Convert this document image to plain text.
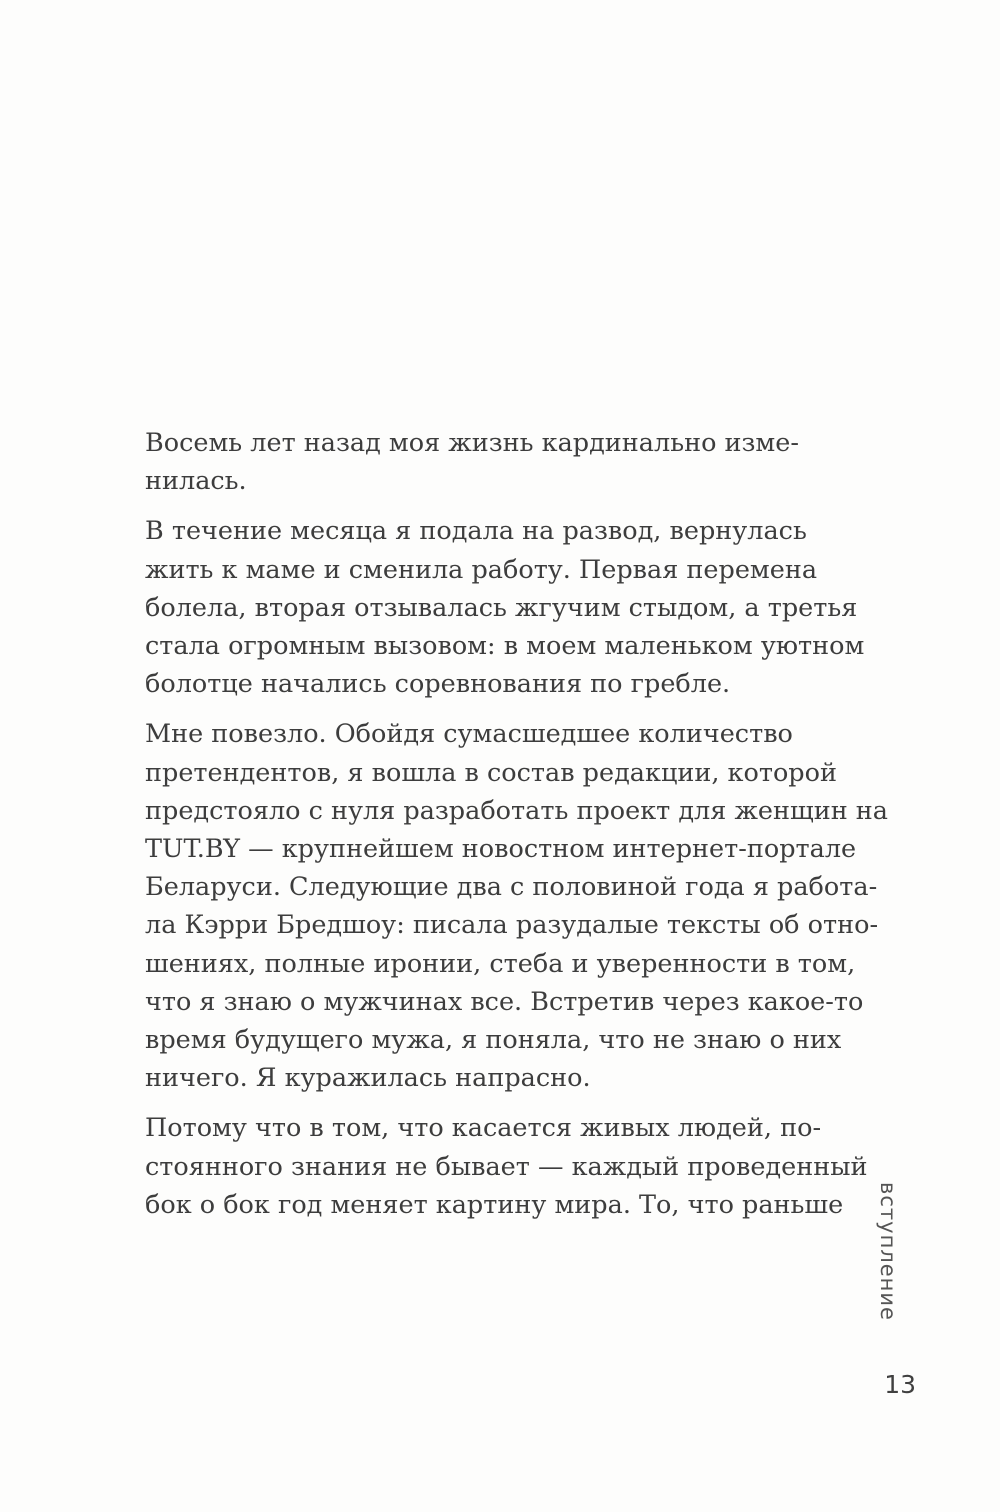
Восемь лет назад моя жизнь кардинально изме-
нилась.

В течение месяца я подала на развод, вернулась
жить к маме и сменила работу. Первая перемена
болела, вторая отзывалась жгучим стыдом, а третья
стала огромным вызовом: в моем маленьком уютном
болотце начались соревнования по гребле.

Мне повезло. Обойдя сумасшедшее количество
претендентов, я вошла в состав редакции, которой
предстояло с нуля разработать проект для женщин на
TUT.BY — крупнейшем новостном интернет-портале
Беларуси. Следующие два с половиной года я работа-
ла Кэрри Бредшоу: писала разудалые тексты об отно-
шениях, полные иронии, стеба и уверенности в том,
что я знаю о мужчинах все. Встретив через какое-то
время будущего мужа, я поняла, что не знаю о них
ничего. Я куражилась напрасно.

Потому что в том, что касается живых людей, по-
стоянного знания не бывает — каждый проведенный
бок о бок год меняет картину мира. То, что раньше	вступление
13
